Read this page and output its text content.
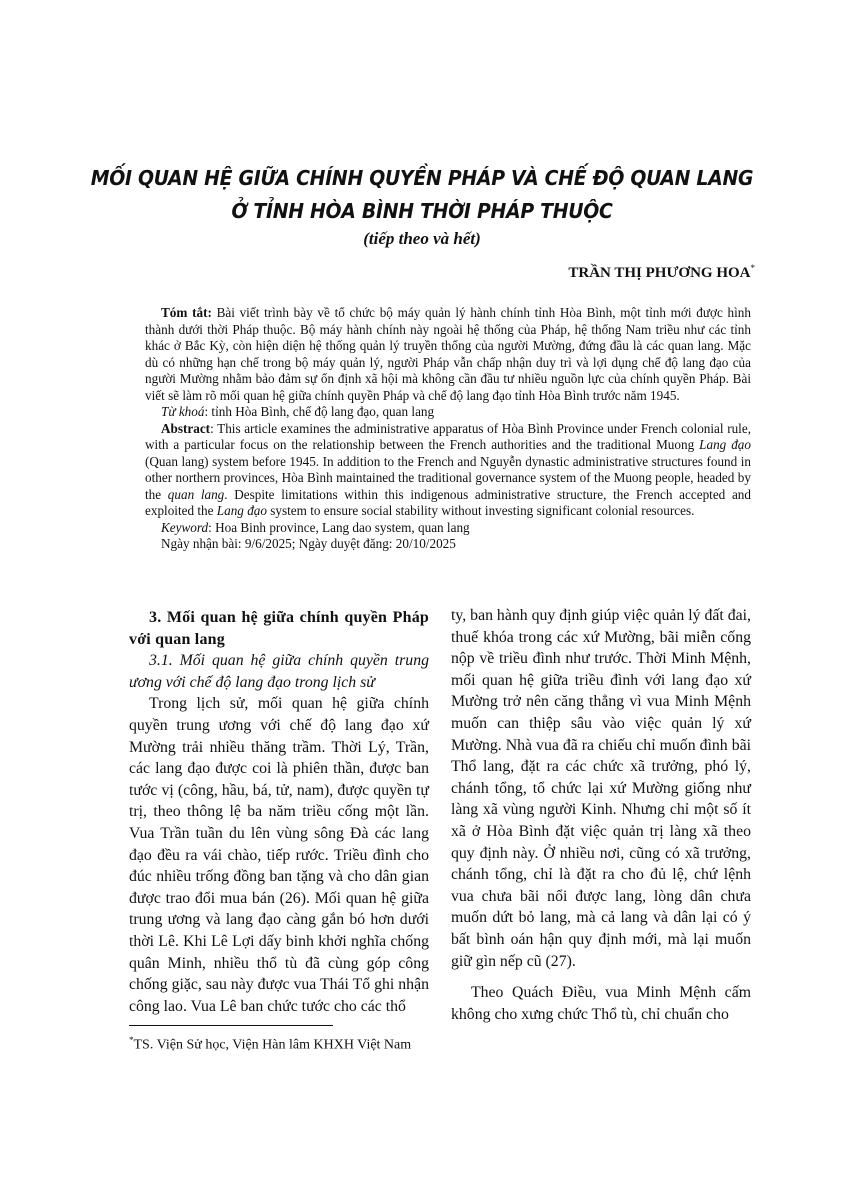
MỐI QUAN HỆ GIỮA CHÍNH QUYỀN PHÁP VÀ CHẾ ĐỘ QUAN LANG
Ở TỈNH HÒA BÌNH THỜI PHÁP THUỘC
(tiếp theo và hết)
TRẦN THỊ PHƯƠNG HOA*

Tóm tắt: Bài viết trình bày về tổ chức bộ máy quản lý hành chính tỉnh Hòa Bình, một tỉnh mới được hình thành dưới thời Pháp thuộc. Bộ máy hành chính này ngoài hệ thống của Pháp, hệ thống Nam triều như các tỉnh khác ở Bắc Kỳ, còn hiện diện hệ thống quản lý truyền thống của người Mường, đứng đầu là các quan lang. Mặc dù có những hạn chế trong bộ máy quản lý, người Pháp vẫn chấp nhận duy trì và lợi dụng chế độ lang đạo của người Mường nhằm bảo đảm sự ổn định xã hội mà không cần đầu tư nhiều nguồn lực của chính quyền Pháp. Bài viết sẽ làm rõ mối quan hệ giữa chính quyền Pháp và chế độ lang đạo tỉnh Hòa Bình trước năm 1945.

Từ khoá: tỉnh Hòa Bình, chế độ lang đạo, quan lang

Abstract: This article examines the administrative apparatus of Hòa Bình Province under French colonial rule, with a particular focus on the relationship between the French authorities and the traditional Muong Lang đạo (Quan lang) system before 1945. In addition to the French and Nguyễn dynastic administrative structures found in other northern provinces, Hòa Bình maintained the traditional governance system of the Muong people, headed by the quan lang. Despite limitations within this indigenous administrative structure, the French accepted and exploited the Lang đạo system to ensure social stability without investing significant colonial resources.

Keyword: Hoa Binh province, Lang dao system, quan lang

Ngày nhận bài: 9/6/2025; Ngày duyệt đăng: 20/10/2025

3. Mối quan hệ giữa chính quyền Pháp với quan lang

3.1. Mối quan hệ giữa chính quyền trung ương với chế độ lang đạo trong lịch sử

Trong lịch sử, mối quan hệ giữa chính quyền trung ương với chế độ lang đạo xứ Mường trải nhiều thăng trầm. Thời Lý, Trần, các lang đạo được coi là phiên thần, được ban tước vị (công, hầu, bá, tử, nam), được quyền tự trị, theo thông lệ ba năm triều cống một lần. Vua Trần tuần du lên vùng sông Đà các lang đạo đều ra vái chào, tiếp rước. Triều đình cho đúc nhiều trống đồng ban tặng và cho dân gian được trao đổi mua bán (26). Mối quan hệ giữa trung ương và lang đạo càng gắn bó hơn dưới thời Lê. Khi Lê Lợi dấy binh khởi nghĩa chống quân Minh, nhiều thổ tù đã cùng góp công chống giặc, sau này được vua Thái Tổ ghi nhận công lao. Vua Lê ban chức tước cho các thổ

ty, ban hành quy định giúp việc quản lý đất đai, thuế khóa trong các xứ Mường, bãi miễn cống nộp về triều đình như trước. Thời Minh Mệnh, mối quan hệ giữa triều đình với lang đạo xứ Mường trở nên căng thẳng vì vua Minh Mệnh muốn can thiệp sâu vào việc quản lý xứ Mường. Nhà vua đã ra chiếu chỉ muốn đình bãi Thổ lang, đặt ra các chức xã trưởng, phó lý, chánh tổng, tổ chức lại xứ Mường giống như làng xã vùng người Kinh. Nhưng chỉ một số ít xã ở Hòa Bình đặt việc quản trị làng xã theo quy định này. Ở nhiều nơi, cũng có xã trưởng, chánh tổng, chỉ là đặt ra cho đủ lệ, chứ lệnh vua chưa bãi nổi được lang, lòng dân chưa muốn dứt bỏ lang, mà cả lang và dân lại có ý bất bình oán hận quy định mới, mà lại muốn giữ gìn nếp cũ (27).

Theo Quách Điều, vua Minh Mệnh cấm không cho xưng chức Thổ tù, chỉ chuẩn cho

*TS. Viện Sử học, Viện Hàn lâm KHXH Việt Nam
